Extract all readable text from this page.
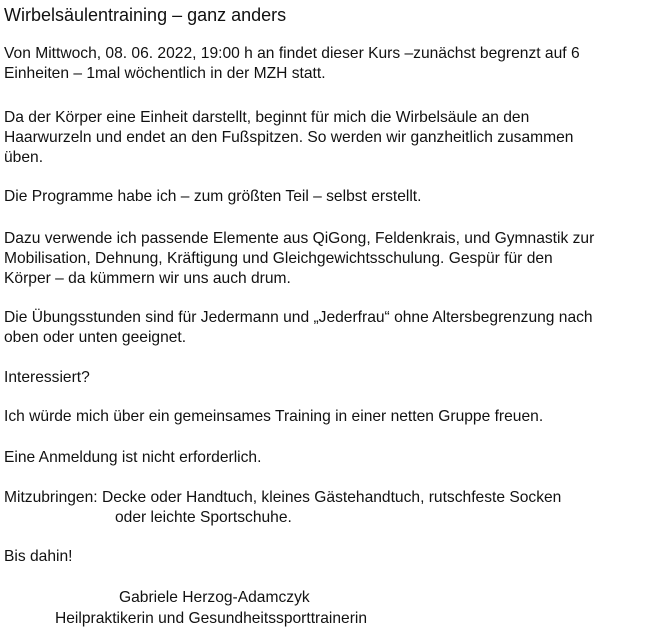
Wirbelsäulentraining – ganz anders
Von Mittwoch, 08. 06. 2022, 19:00 h an findet dieser Kurs –zunächst begrenzt auf 6
Einheiten – 1mal wöchentlich in der MZH statt.
Da der Körper eine Einheit darstellt, beginnt für mich die Wirbelsäule an den
Haarwurzeln und endet an den Fußspitzen. So werden wir ganzheitlich zusammen
üben.
Die Programme habe ich – zum größten Teil – selbst erstellt.
Dazu verwende ich passende Elemente aus QiGong, Feldenkrais, und Gymnastik zur
Mobilisation, Dehnung, Kräftigung und Gleichgewichtsschulung. Gespür für den
Körper – da kümmern wir uns auch drum.
Die Übungsstunden sind für Jedermann und „Jederfrau“ ohne Altersbegrenzung nach
oben oder unten geeignet.
Interessiert?
Ich würde mich über ein gemeinsames Training in einer netten Gruppe freuen.
Eine Anmeldung ist nicht erforderlich.
Mitzubringen: Decke oder Handtuch, kleines Gästehandtuch, rutschfeste Socken
oder leichte Sportschuhe.
Bis dahin!
Gabriele Herzog-Adamczyk
Heilpraktikerin und Gesundheitssporttrainerin
